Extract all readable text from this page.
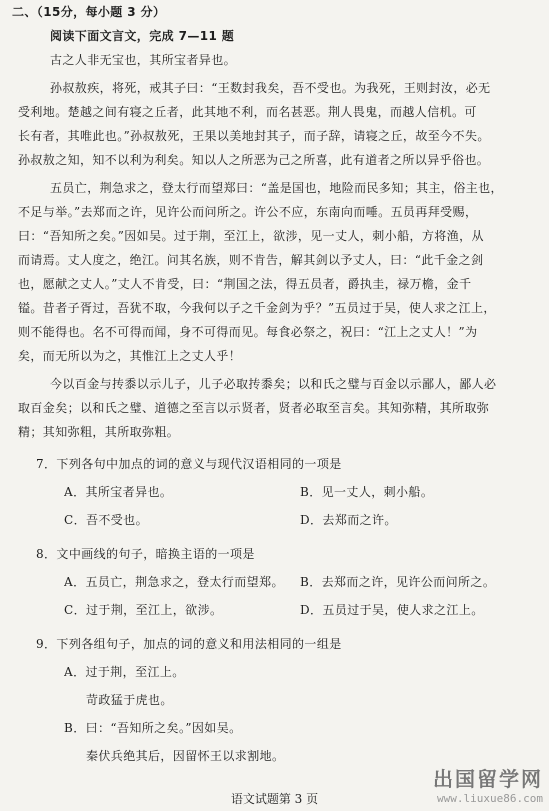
二、（15分，每小题 3 分）
阅读下面文言文，完成 7—11 题
古之人非无宝也，其所宝者异也。
孙叔敖疾，将死，戒其子曰：“王数封我矣，吾不受也。为我死，王则封汝，必无
受利地。楚越之间有寝之丘者，此其地不利，而名甚恶。荆人畏鬼，而越人信机。可
长有者，其唯此也。”孙叔敖死，王果以美地封其子，而子辞，请寝之丘，故至今不失。
孙叔敖之知，知不以利为利矣。知以人之所恶为己之所喜，此有道者之所以异乎俗也。
五员亡，荆急求之，登太行而望郑曰：“盖是国也，地险而民多知；其主，俗主也，
不足与举。”去郑而之许，见许公而问所之。许公不应，东南向而唾。五员再拜受赐，
曰：“吾知所之矣。”因如吴。过于荆，至江上，欲涉，见一丈人，刺小船，方将渔，从
而请焉。丈人度之，绝江。问其名族，则不肯告，解其剑以予丈人，曰：“此千金之剑
也，愿献之丈人。”丈人不肯受，曰：“荆国之法，得五员者，爵执圭，禄万檐，金千
镒。昔者子胥过，吾犹不取，今我何以子之千金剑为乎？”五员过于吴，使人求之江上，
则不能得也。名不可得而闻，身不可得而见。每食必祭之，祝曰：“江上之丈人！”为
矣，而无所以为之，其惟江上之丈人乎！
今以百金与抟黍以示儿子，儿子必取抟黍矣；以和氏之璧与百金以示鄙人，鄙人必
取百金矣；以和氏之璧、道德之至言以示贤者，贤者必取至言矣。其知弥精，其所取弥
精；其知弥粗，其所取弥粗。
7．下列各句中加点的词的意义与现代汉语相同的一项是
A．其所宝者异也。	B．见一丈人，刺小船。
C．吾不受也。	D．去郑而之许。
8．文中画线的句子，暗换主语的一项是
A．五员亡，荆急求之，登太行而望郑。 B．去郑而之许，见许公而问所之。
C．过于荆，至江上，欲涉。	D．五员过于吴，使人求之江上。
9．下列各组句子，加点的词的意义和用法相同的一组是
A．过于荆，至江上。
苛政猛于虎也。
B．曰：“吾知所之矣。”因如吴。
秦伏兵绝其后，因留怀王以求割地。
语文试题第 3 页
出国留学网
www.liuxue86.com
